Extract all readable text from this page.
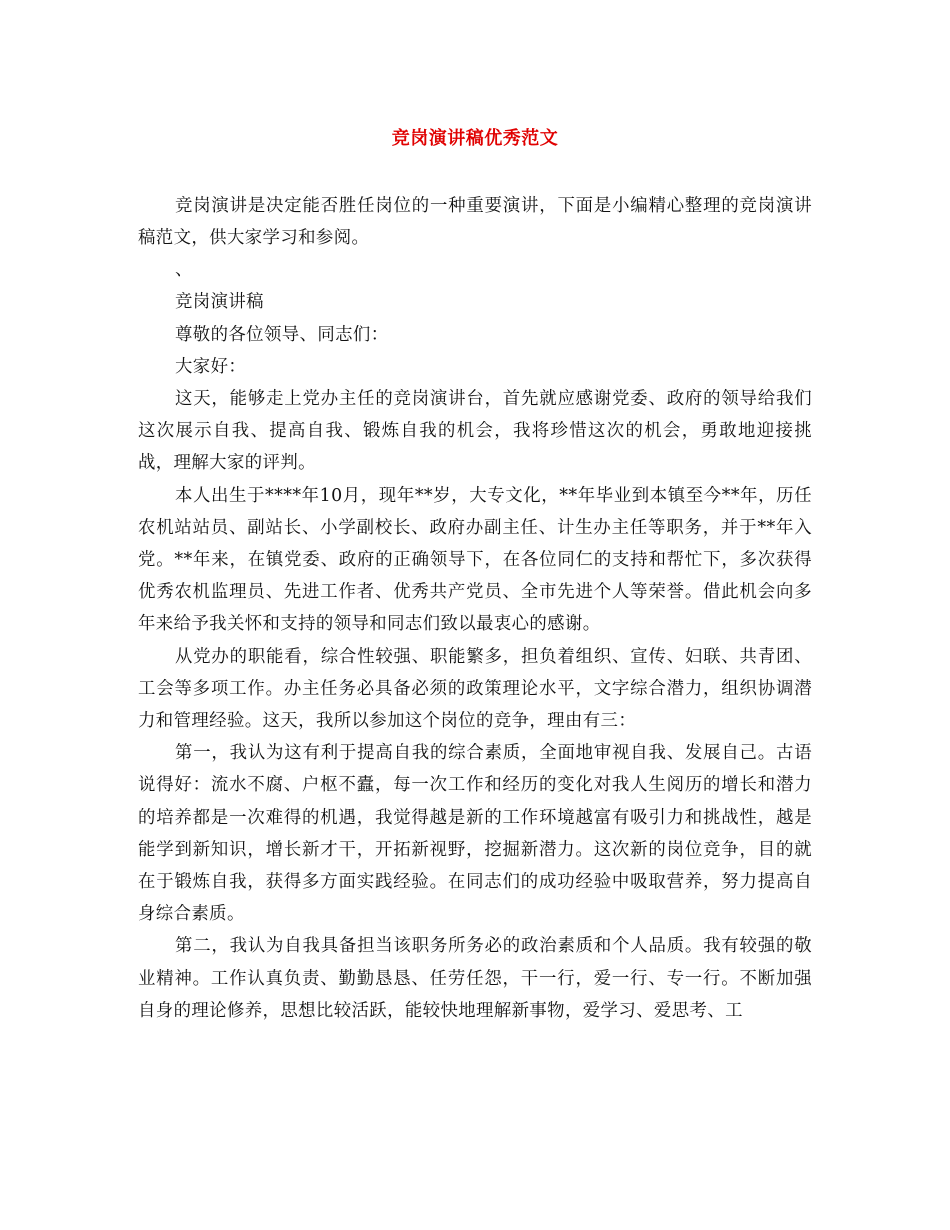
竞岗演讲稿优秀范文

竞岗演讲是决定能否胜任岗位的一种重要演讲，下面是小编精心整理的竞岗演讲稿范文，供大家学习和参阅。

、

竞岗演讲稿

尊敬的各位领导、同志们：

大家好：

这天，能够走上党办主任的竞岗演讲台，首先就应感谢党委、政府的领导给我们这次展示自我、提高自我、锻炼自我的机会，我将珍惜这次的机会，勇敢地迎接挑战，理解大家的评判。

本人出生于****年10月，现年**岁，大专文化，**年毕业到本镇至今**年，历任农机站站员、副站长、小学副校长、政府办副主任、计生办主任等职务，并于**年入党。**年来，在镇党委、政府的正确领导下，在各位同仁的支持和帮忙下，多次获得优秀农机监理员、先进工作者、优秀共产党员、全市先进个人等荣誉。借此机会向多年来给予我关怀和支持的领导和同志们致以最衷心的感谢。

从党办的职能看，综合性较强、职能繁多，担负着组织、宣传、妇联、共青团、工会等多项工作。办主任务必具备必须的政策理论水平，文字综合潜力，组织协调潜力和管理经验。这天，我所以参加这个岗位的竞争，理由有三：

第一，我认为这有利于提高自我的综合素质，全面地审视自我、发展自己。古语说得好：流水不腐、户枢不蠹，每一次工作和经历的变化对我人生阅历的增长和潜力的培养都是一次难得的机遇，我觉得越是新的工作环境越富有吸引力和挑战性，越是能学到新知识，增长新才干，开拓新视野，挖掘新潜力。这次新的岗位竞争，目的就在于锻炼自我，获得多方面实践经验。在同志们的成功经验中吸取营养，努力提高自身综合素质。

第二，我认为自我具备担当该职务所务必的政治素质和个人品质。我有较强的敬业精神。工作认真负责、勤勤恳恳、任劳任怨，干一行，爱一行、专一行。不断加强自身的理论修养，思想比较活跃，能较快地理解新事物，爱学习、爱思考、工
